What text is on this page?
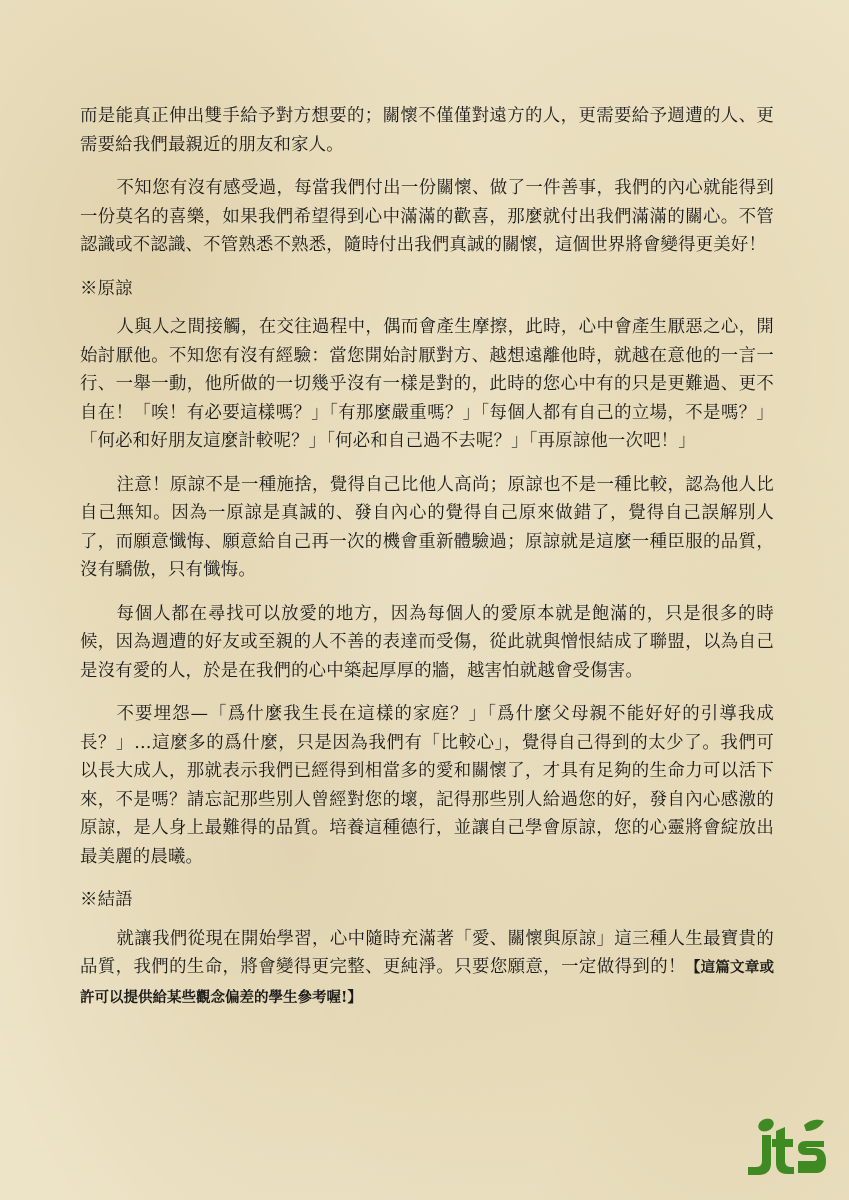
而是能真正伸出雙手給予對方想要的；關懷不僅僅對遠方的人，更需要給予週遭的人、更需要給我們最親近的朋友和家人。

不知您有沒有感受過，每當我們付出一份關懷、做了一件善事，我們的內心就能得到一份莫名的喜樂，如果我們希望得到心中滿滿的歡喜，那麼就付出我們滿滿的關心。不管認識或不認識、不管熟悉不熟悉，隨時付出我們真誠的關懷，這個世界將會變得更美好！

※原諒

人與人之間接觸，在交往過程中，偶而會產生摩擦，此時，心中會產生厭惡之心，開始討厭他。不知您有沒有經驗：當您開始討厭對方、越想遠離他時，就越在意他的一言一行、一舉一動，他所做的一切幾乎沒有一樣是對的，此時的您心中有的只是更難過、更不自在！「唉！有必要這樣嗎？」「有那麼嚴重嗎？」「每個人都有自己的立場，不是嗎？」「何必和好朋友這麼計較呢？」「何必和自己過不去呢？」「再原諒他一次吧！」

注意！原諒不是一種施捨，覺得自己比他人高尚；原諒也不是一種比較，認為他人比自己無知。因為一原諒是真誠的、發自內心的覺得自己原來做錯了，覺得自己誤解別人了，而願意懺悔、願意給自己再一次的機會重新體驗過；原諒就是這麼一種臣服的品質，沒有驕傲，只有懺悔。

每個人都在尋找可以放愛的地方，因為每個人的愛原本就是飽滿的，只是很多的時候，因為週遭的好友或至親的人不善的表達而受傷，從此就與憎恨結成了聯盟，以為自己是沒有愛的人，於是在我們的心中築起厚厚的牆，越害怕就越會受傷害。

不要埋怨—「爲什麼我生長在這樣的家庭？」「爲什麼父母親不能好好的引導我成長？」…這麼多的爲什麼，只是因為我們有「比較心」，覺得自己得到的太少了。我們可以長大成人，那就表示我們已經得到相當多的愛和關懷了，才具有足夠的生命力可以活下來，不是嗎？請忘記那些別人曾經對您的壞，記得那些別人給過您的好，發自內心感激的原諒，是人身上最難得的品質。培養這種德行，並讓自己學會原諒，您的心靈將會綻放出最美麗的晨曦。

※結語

就讓我們從現在開始學習，心中隨時充滿著「愛、關懷與原諒」這三種人生最寶貴的品質，我們的生命，將會變得更完整、更純淨。只要您願意，一定做得到的！【這篇文章或許可以提供給某些觀念偏差的學生參考喔!】
